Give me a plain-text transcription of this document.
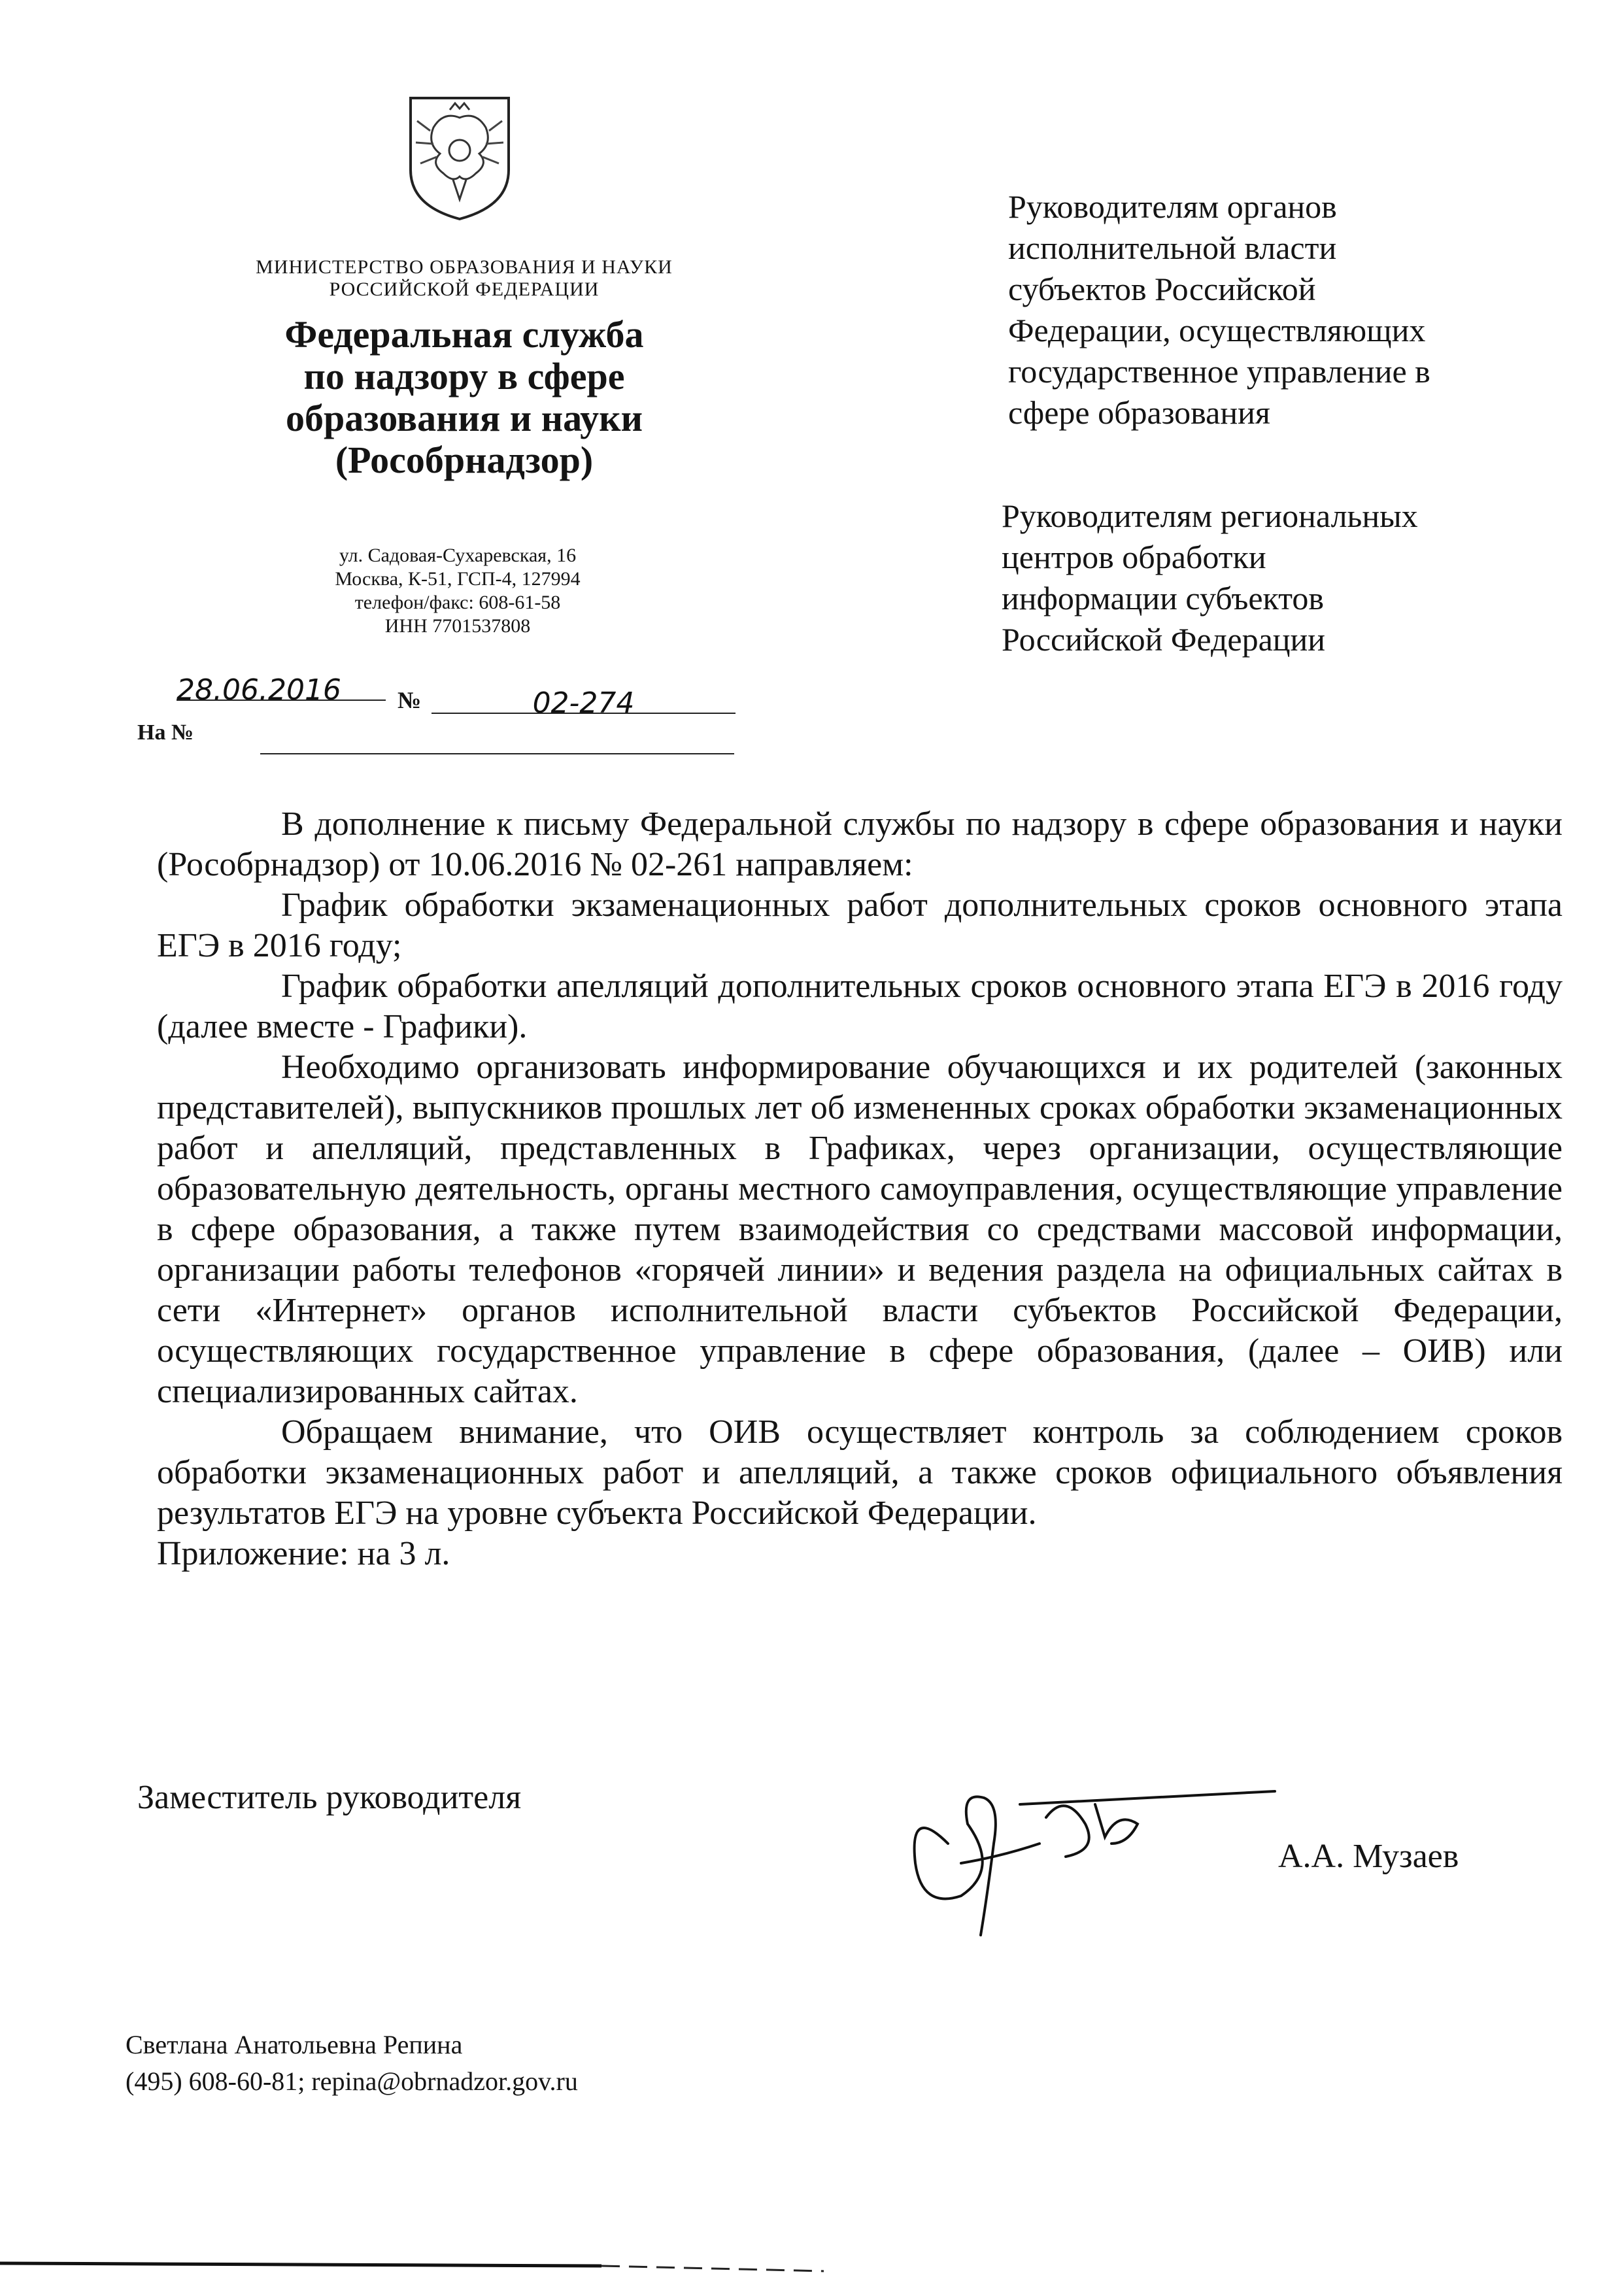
МИНИСТЕРСТВО ОБРАЗОВАНИЯ И НАУКИ
РОССИЙСКОЙ ФЕДЕРАЦИИ
Федеральная служба
по надзору в сфере
образования и науки
(Рособрнадзор)
ул. Садовая-Сухаревская, 16
Москва, К-51, ГСП-4, 127994
телефон/факс: 608-61-58
ИНН 7701537808
28.06.2016	№	02-274
На №
Руководителям органов
исполнительной власти
субъектов Российской
Федерации, осуществляющих
государственное управление в
сфере образования
Руководителям региональных
центров обработки
информации субъектов
Российской Федерации

В дополнение к письму Федеральной службы по надзору в сфере образования и науки (Рособрнадзор) от 10.06.2016 № 02-261 направляем:

График обработки экзаменационных работ дополнительных сроков основного этапа ЕГЭ в 2016 году;

График обработки апелляций дополнительных сроков основного этапа ЕГЭ в 2016 году (далее вместе - Графики).

Необходимо организовать информирование обучающихся и их родителей (законных представителей), выпускников прошлых лет об измененных сроках обработки экзаменационных работ и апелляций, представленных в Графиках, через организации, осуществляющие образовательную деятельность, органы местного самоуправления, осуществляющие управление в сфере образования, а также путем взаимодействия со средствами массовой информации, организации работы телефонов «горячей линии» и ведения раздела на официальных сайтах в сети «Интернет» органов исполнительной власти субъектов Российской Федерации, осуществляющих государственное управление в сфере образования, (далее – ОИВ) или специализированных сайтах.

Обращаем внимание, что ОИВ осуществляет контроль за соблюдением сроков обработки экзаменационных работ и апелляций, а также сроков официального объявления результатов ЕГЭ на уровне субъекта Российской Федерации.

Приложение: на 3 л.

Заместитель руководителя
А.А. Музаев
Светлана Анатольевна Репина
(495) 608-60-81; repina@obrnadzor.gov.ru
